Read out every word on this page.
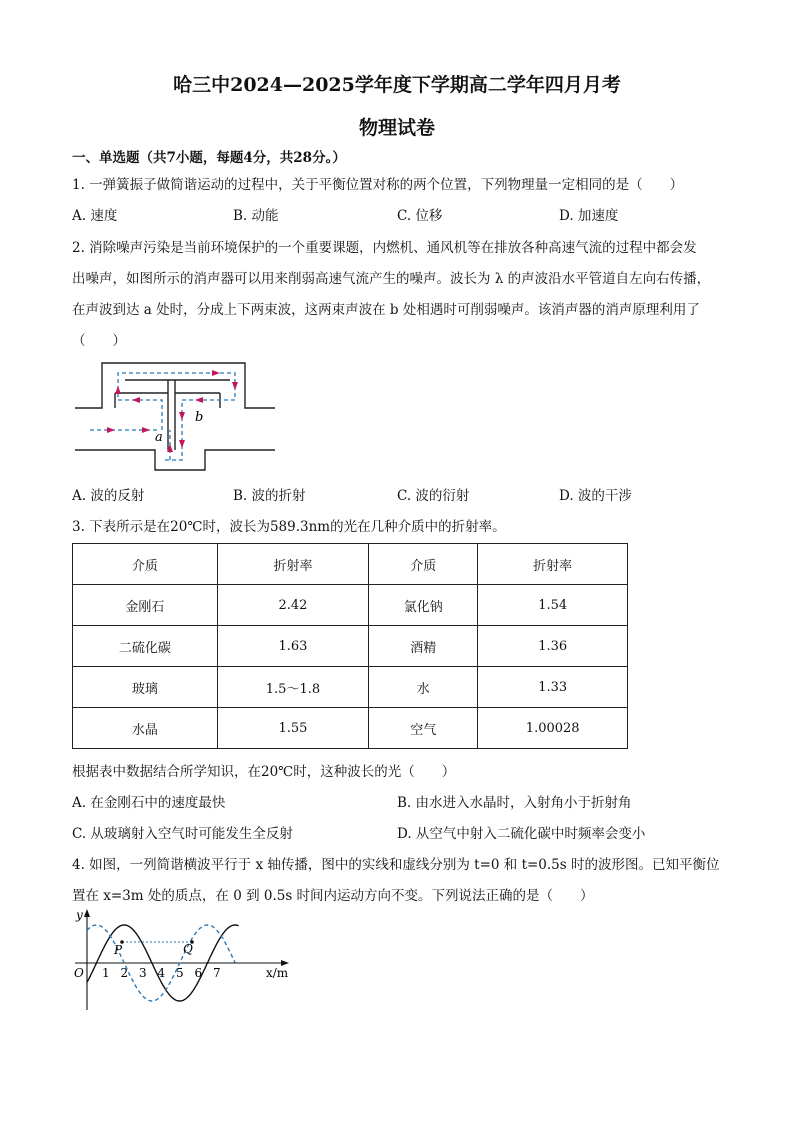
哈三中2024—2025学年度下学期高二学年四月月考
物理试卷
一、单选题（共7小题，每题4分，共28分。）
1. 一弹簧振子做简谐运动的过程中，关于平衡位置对称的两个位置，下列物理量一定相同的是（　　）
A. 速度	B. 动能	C. 位移	D. 加速度
2. 消除噪声污染是当前环境保护的一个重要课题，内燃机、通风机等在排放各种高速气流的过程中都会发
出噪声，如图所示的消声器可以用来削弱高速气流产生的噪声。波长为 λ 的声波沿水平管道自左向右传播，
在声波到达 a 处时，分成上下两束波，这两束声波在 b 处相遇时可削弱噪声。该消声器的消声原理利用了
（　　）
b
a
A. 波的反射	B. 波的折射	C. 波的衍射	D. 波的干涉
3. 下表所示是在20℃时，波长为589.3nm的光在几种介质中的折射率。
介质	折射率	介质	折射率
金刚石	2.42	氯化钠	1.54
二硫化碳	1.63	酒精	1.36
玻璃	1.5～1.8	水	1.33
水晶	1.55	空气	1.00028
根据表中数据结合所学知识，在20℃时，这种波长的光（　　）
A. 在金刚石中的速度最快	B. 由水进入水晶时，入射角小于折射角
C. 从玻璃射入空气时可能发生全反射	D. 从空气中射入二硫化碳中时频率会变小
4. 如图，一列简谐横波平行于 x 轴传播，图中的实线和虚线分别为 t=0 和 t=0.5s 时的波形图。已知平衡位
置在 x=3m 处的质点，在 0 到 0.5s 时间内运动方向不变。下列说法正确的是（　　）
y
x/m
O 1 2 3 4 5 6 7
P	Q
